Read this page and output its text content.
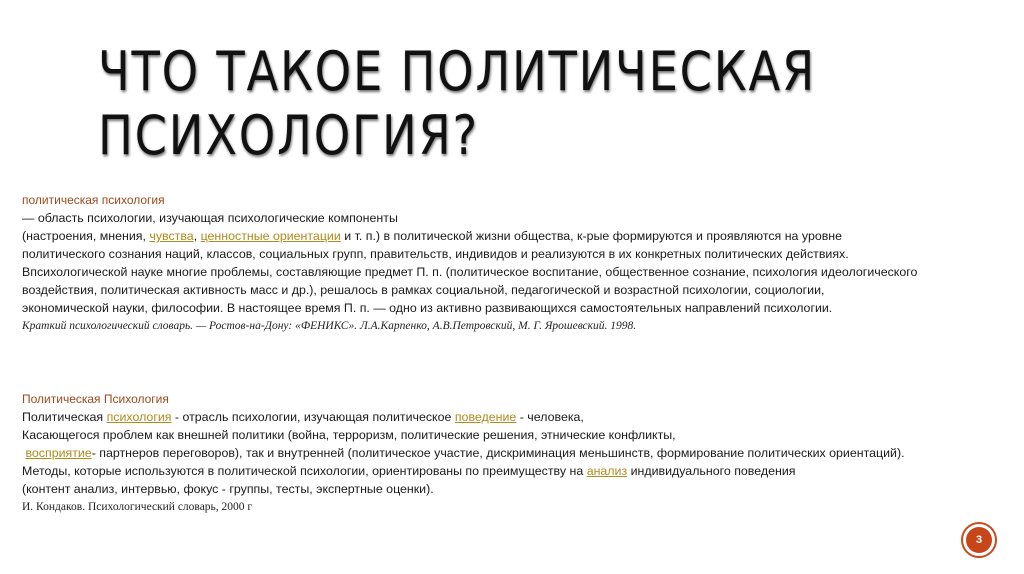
ЧТО ТАКОЕ ПОЛИТИЧЕСКАЯ
ПСИХОЛОГИЯ?
политическая психология
— область психологии, изучающая психологические компоненты
(настроения, мнения, чувства, ценностные ориентации и т. п.) в политической жизни общества, к-рые формируются и проявляются на уровне
политического сознания наций, классов, социальных групп, правительств, индивидов и реализуются в их конкретных политических действиях.
Впсихологической науке многие проблемы, составляющие предмет П. п. (политическое воспитание, общественное сознание, психология идеологического
воздействия, политическая активность масс и др.), решалось в рамках социальной, педагогической и возрастной психологии, социологии,
экономической науки, философии. В настоящее время П. п. — одно из активно развивающихся самостоятельных направлений психологии.
Краткий психологический словарь. — Ростов-на-Дону: «ФЕНИКС». Л.А.Карпенко, А.В.Петровский, М. Г. Ярошевский. 1998.
Политическая Психология
Политическая психология - отрасль психологии, изучающая политическое поведение - человека,
Касающегося проблем как внешней политики (война, терроризм, политические решения, этнические конфликты,
восприятие- партнеров переговоров), так и внутренней (политическое участие, дискриминация меньшинств, формирование политических ориентаций).
Методы, которые используются в политической психологии, ориентированы по преимуществу на анализ индивидуального поведения
(контент анализ, интервью, фокус - группы, тесты, экспертные оценки).
И. Кондаков. Психологический словарь, 2000 г
3
